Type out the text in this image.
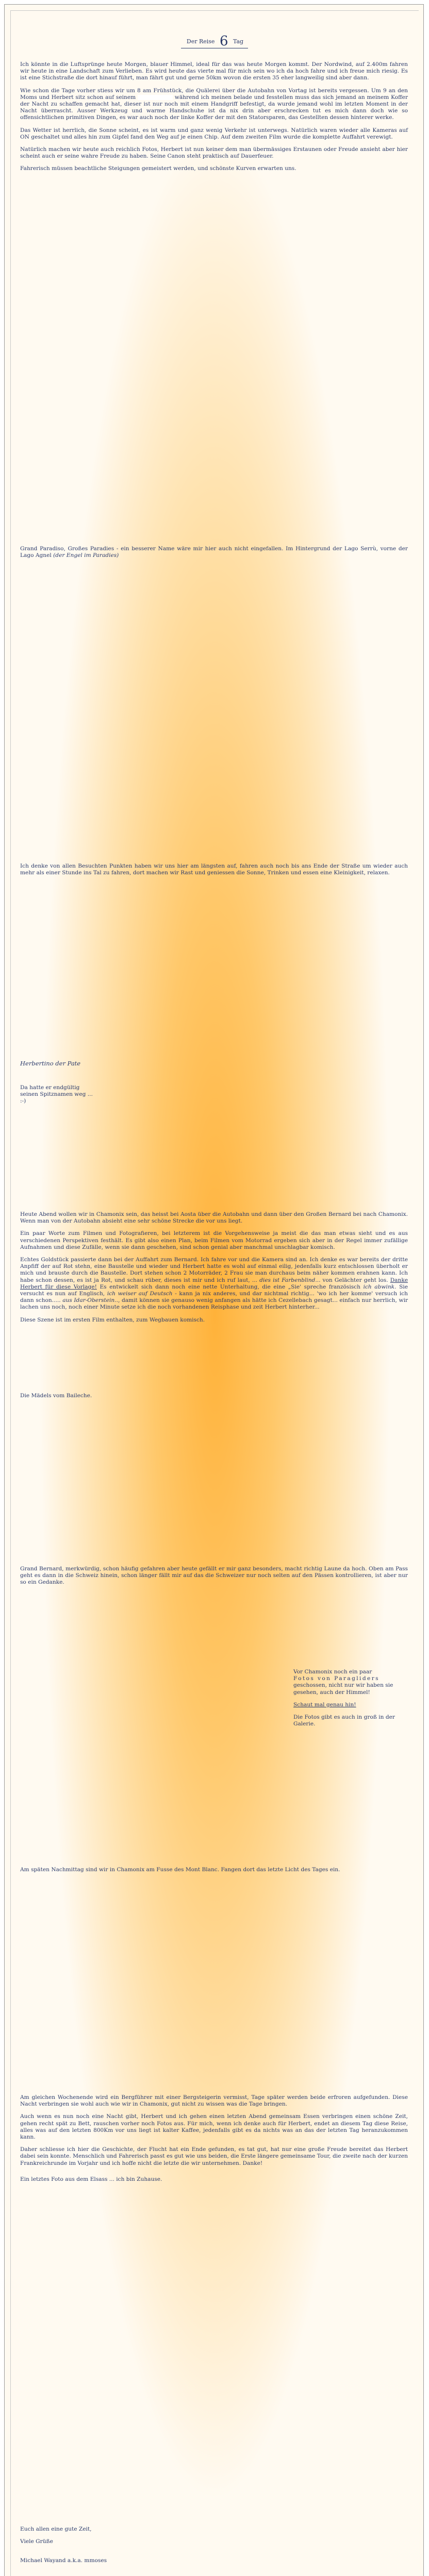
Der Reise 6 Tag

Ich könnte in die Luftsprünge heute Morgen, blauer Himmel, ideal für das was heute Morgen kommt. Der Nordwind, auf 2.400m fahren wir heute in eine Landschaft zum Verlieben. Es wird heute das vierte mal für mich sein wo ich da hoch fahre und ich freue mich riesig. Es ist eine Stichstraße die dort hinauf führt, man fährt gut und gerne 50km wovon die ersten 35 eher langweilig sind aber dann.

Wie schon die Tage vorher stiess wir um 8 am Frühstück, die Quälerei über die Autobahn von Vortag ist bereits vergessen. Um 9 an den Moms und Herbert sitz schon auf seinem	während ich meinen belade und fesstellen muss das sich jemand an meinem Koffer der Nacht zu schaffen gemacht hat, dieser ist nur noch mit einem Handgriff befestigt, da wurde jemand wohl im letzten Moment in der Nacht überrascht. Ausser Werkzeug und warme Handschuhe ist da nix drin aber erschrecken tut es mich dann doch wie so offensichtlichen primitiven Dingen, es war auch noch der linke Koffer der mit den Statorsparen, das Gestellten dessen hinterer werke.

Das Wetter ist herrlich, die Sonne scheint, es ist warm und ganz wenig Verkehr ist unterwegs. Natürlich waren wieder alle Kameras auf ON geschaltet und alles hin zum Gipfel fand den Weg auf je einen Chip. Auf dem zweiten Film wurde die komplette Auffahrt verewigt.

Natürlich machen wir heute auch reichlich Fotos, Herbert ist nun keiner dem man übermässiges Erstaunen oder Freude ansieht aber hier scheint auch er seine wahre Freude zu haben. Seine Canon steht praktisch auf Dauerfeuer.

Fahrerisch müssen beachtliche Steigungen gemeistert werden, und schönste Kurven erwarten uns.

Grand Paradiso, Großes Paradies - ein besserer Name wäre mir hier auch nicht eingefallen. Im Hintergrund der Lago Serrù, vorne der Lago Agnel (der Engel im Paradies)
Ich denke von allen Besuchten Punkten haben wir uns hier am längsten auf, fahren auch noch bis ans Ende der Straße um wieder auch mehr als einer Stunde ins Tal zu fahren, dort machen wir Rast und geniessen die Sonne, Trinken und essen eine Kleinigkeit, relaxen.
Herbertino der Pate
Da hatte er endgültig seinen Spitznamen weg ... :-)

Heute Abend wollen wir in Chamonix sein, das heisst bei Aosta über die Autobahn und dann über den Großen Bernard bei nach Chamonix. Wenn man von der Autobahn absieht eine sehr schöne Strecke die vor uns liegt.

Ein paar Worte zum Filmen und Fotografieren, bei letzterem ist die Vorgehensweise ja meist die das man etwas sieht und es aus verschiedenen Perspektiven festhält. Es gibt also einen Plan, beim Filmen vom Motorrad ergeben sich aber in der Regel immer zufällige Aufnahmen und diese Zufälle, wenn sie dann geschehen, sind schon genial aber manchmal unschlagbar komisch.

Echtes Goldstück passierte dann bei der Auffahrt zum Bernard. Ich fahre vor und die Kamera sind an. Ich denke es war bereits der dritte Anpfiff der auf Rot stehn, eine Baustelle und wieder und Herbert hatte es wohl auf einmal eilig, jedenfalls kurz entschlossen überholt er mich und brauste durch die Baustelle. Dort stehen schon 2 Motorräder, 2 Frau sie man durchaus beim näher kommen erahnen kann. Ich habe schon dessen, es ist ja Rot, und schau rüber, dieses ist mir und ich ruf laut, ... dies ist Farbenblind... von Gelächter geht los. Danke Herbert für diese Vorlage! Es entwickelt sich dann noch eine nette Unterhaltung, die eine „Sie' spreche französisch ich abwink. Sie versucht es nun auf Englisch, ich weiser auf Deutsch - kann ja nix anderes, und dar nichtmal richtig... 'wo ich her komme' versuch ich dann schon..... aus Idar-Oberstein.., damit können sie genauso wenig anfangen als hätte ich Cezellebach gesagt... einfach nur herrlich, wir lachen uns noch, noch einer Minute setze ich die noch vorhandenen Reisphase und zeit Herbert hinterher...

Diese Szene ist im ersten Film enthalten, zum Wegbauen komisch.

Die Mädels vom Baileche.
Grand Bernard, merkwürdig, schon häufig gefahren aber heute gefällt er mir ganz besonders, macht richtig Laune da hoch. Oben am Pass geht es dann in die Schweiz hinein, schon länger fällt mir auf das die Schweizer nur noch selten auf den Pässen kontrollieren, ist aber nur so ein Gedanke.
Vor Chamonix noch ein paar
Fotos von Paragliders
geschossen, nicht nur wir haben sie gesehen, auch der Himmel!
Schaut mal genau hin!
Die Fotos gibt es auch in groß in der Galerie.
Am späten Nachmittag sind wir in Chamonix am Fusse des Mont Blanc. Fangen dort das letzte Licht des Tages ein.

Am gleichen Wochenende wird ein Bergführer mit einer Bergsteigerin vermisst, Tage später werden beide erfroren aufgefunden. Diese Nacht verbringen sie wohl auch wie wir in Chamonix, gut nicht zu wissen was die Tage bringen.

Auch wenn es nun noch eine Nacht gibt, Herbert und ich gehen einen letzten Abend gemeinsam Essen verbringen einen schöne Zeit, gehen recht spät zu Bett, rauschen vorher noch Fotos aus. Für mich, wenn ich denke auch für Herbert, endet an diesem Tag diese Reise, alles was auf den letzten 800Km vor uns liegt ist kalter Kaffee, jedenfalls gibt es da nichts was an das der letzten Tag heranzukommen kann.

Daher schliesse ich hier die Geschichte, der Flucht hat ein Ende gefunden, es tat gut, hat nur eine große Freude bereitet das Herbert dabei sein konnte. Menschlich und Fahrerisch passt es gut wie uns beiden, die Erste längere gemeinsame Tour, die zweite nach der kurzen Frankreichrunde im Vorjahr und ich hoffe nicht die letzte die wir unternehmen. Danke!

Ein letztes Foto aus dem Elsass ... ich bin Zuhause.

Euch allen eine gute Zeit,
Viele Grüße
Michael Wayand a.k.a. mmoses
